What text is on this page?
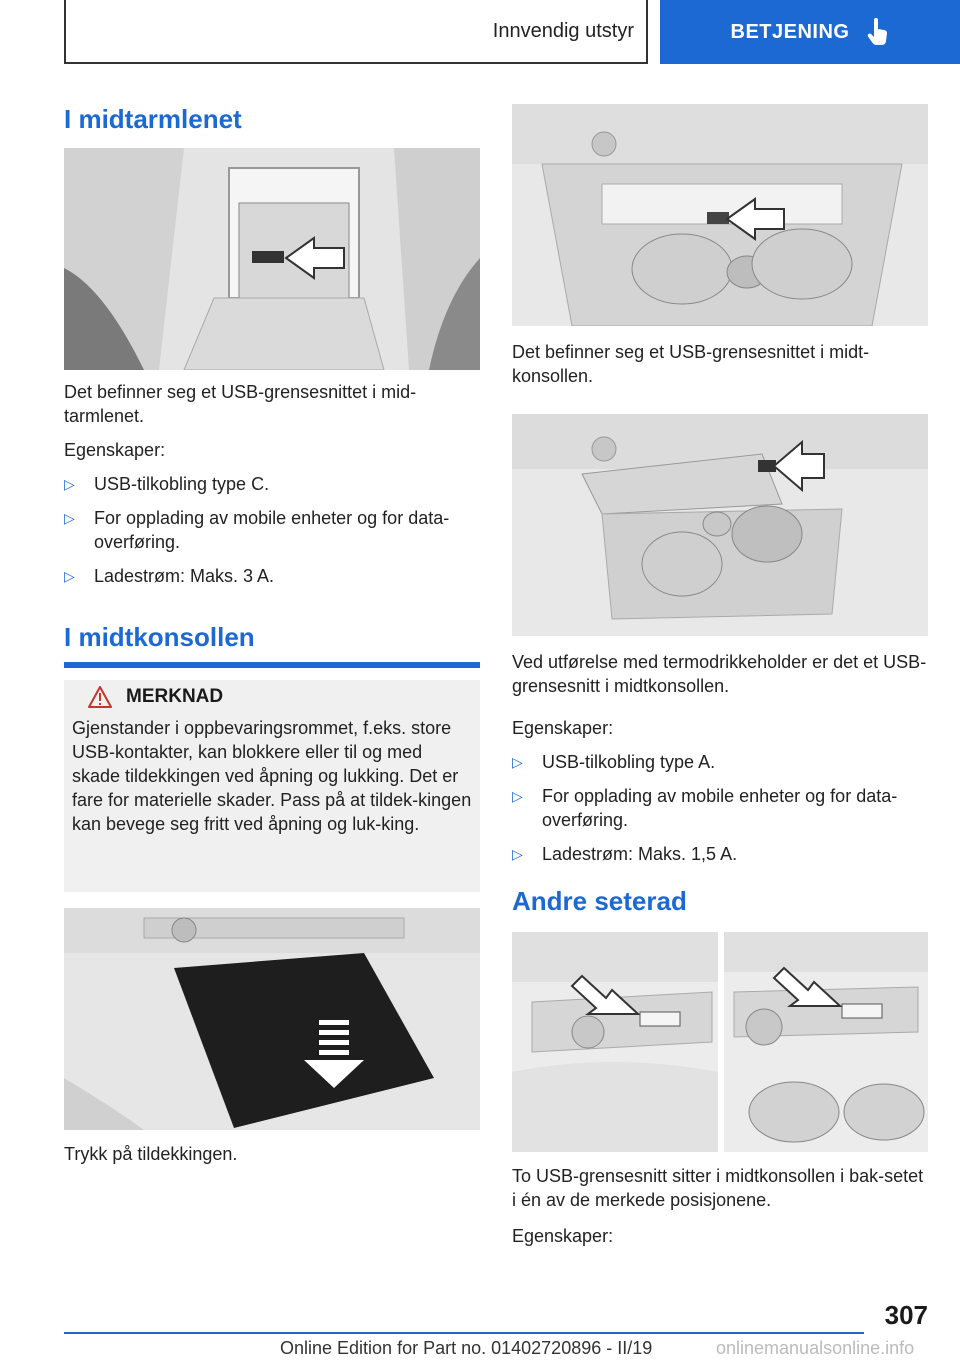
Innvendig utstyr	BETJENING
I midtarmlenet

Det befinner seg et USB-grensesnittet i mid-tarmlenet.

Egenskaper:

▷ USB-tilkobling type C.
▷ For opplading av mobile enheter og for data-overføring.
▷ Ladestrøm: Maks. 3 A.
I midtkonsollen
MERKNAD
Gjenstander i oppbevaringsrommet, f.eks. store USB-kontakter, kan blokkere eller til og med skade tildekkingen ved åpning og lukking. Det er fare for materielle skader. Pass på at tildek-kingen kan bevege seg fritt ved åpning og luk-king.

Trykk på tildekkingen.

Det befinner seg et USB-grensesnittet i midt-konsollen.

Ved utførelse med termodrikkeholder er det et USB-grensesnitt i midtkonsollen.

Egenskaper:

▷ USB-tilkobling type A.
▷ For opplading av mobile enheter og for data-overføring.
▷ Ladestrøm: Maks. 1,5 A.
Andre seterad

To USB-grensesnitt sitter i midtkonsollen i bak-setet i én av de merkede posisjonene.

Egenskaper:

307
Online Edition for Part no. 01402720896 - II/19	onlinemanualsonline.info
